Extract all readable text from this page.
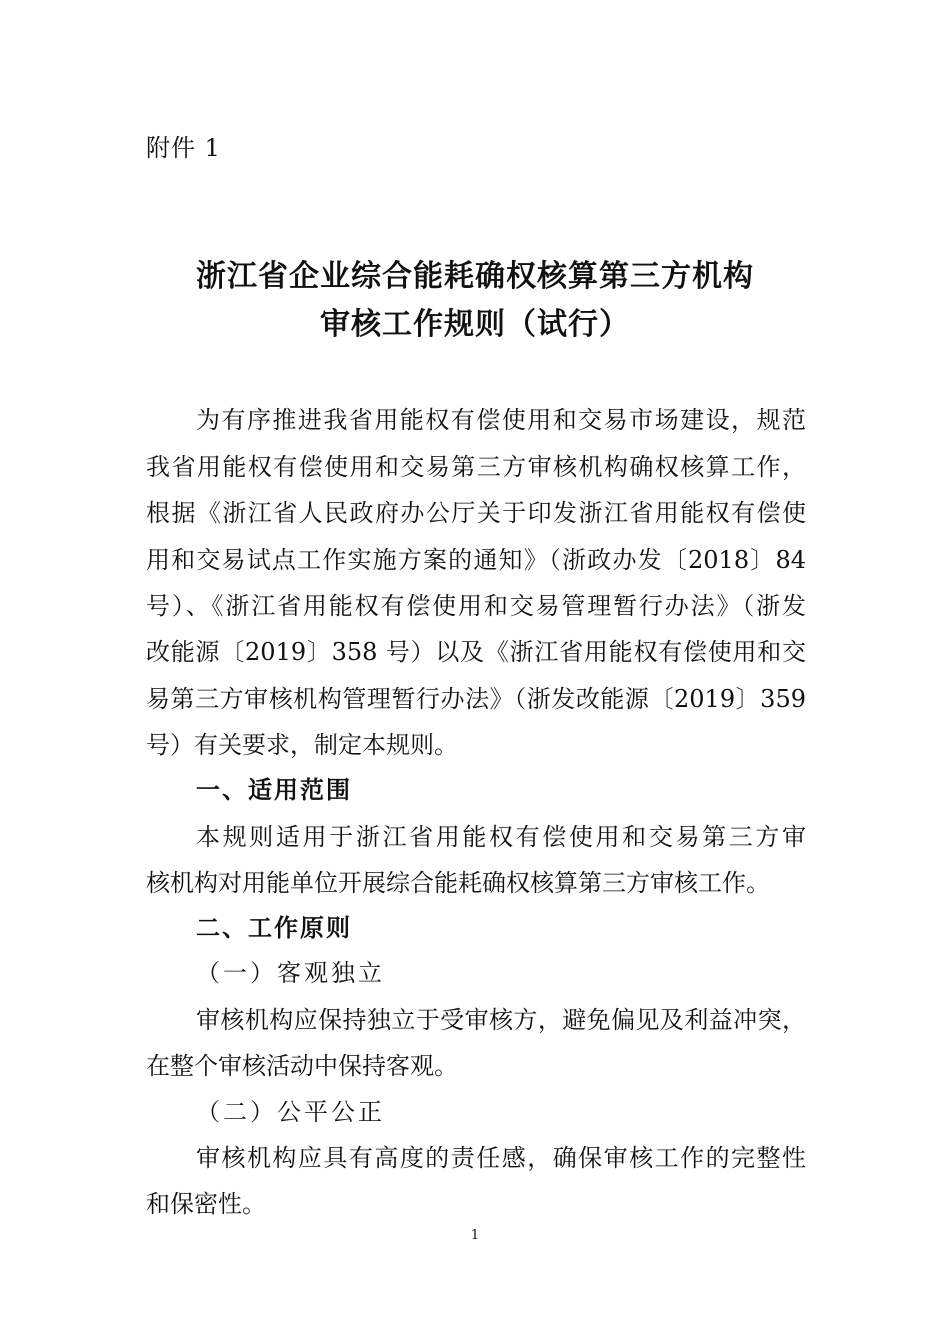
附件 1
浙江省企业综合能耗确权核算第三方机构
审核工作规则（试行）
为有序推进我省用能权有偿使用和交易市场建设，规范
我省用能权有偿使用和交易第三方审核机构确权核算工作，
根据《浙江省人民政府办公厅关于印发浙江省用能权有偿使
用和交易试点工作实施方案的通知》（浙政办发〔2018〕84
号）、《浙江省用能权有偿使用和交易管理暂行办法》（浙发
改能源〔2019〕358 号）以及《浙江省用能权有偿使用和交
易第三方审核机构管理暂行办法》（浙发改能源〔2019〕359
号）有关要求，制定本规则。
一、适用范围
本规则适用于浙江省用能权有偿使用和交易第三方审
核机构对用能单位开展综合能耗确权核算第三方审核工作。
二、工作原则
（一）客观独立
审核机构应保持独立于受审核方，避免偏见及利益冲突，
在整个审核活动中保持客观。
（二）公平公正
审核机构应具有高度的责任感，确保审核工作的完整性
和保密性。
1
